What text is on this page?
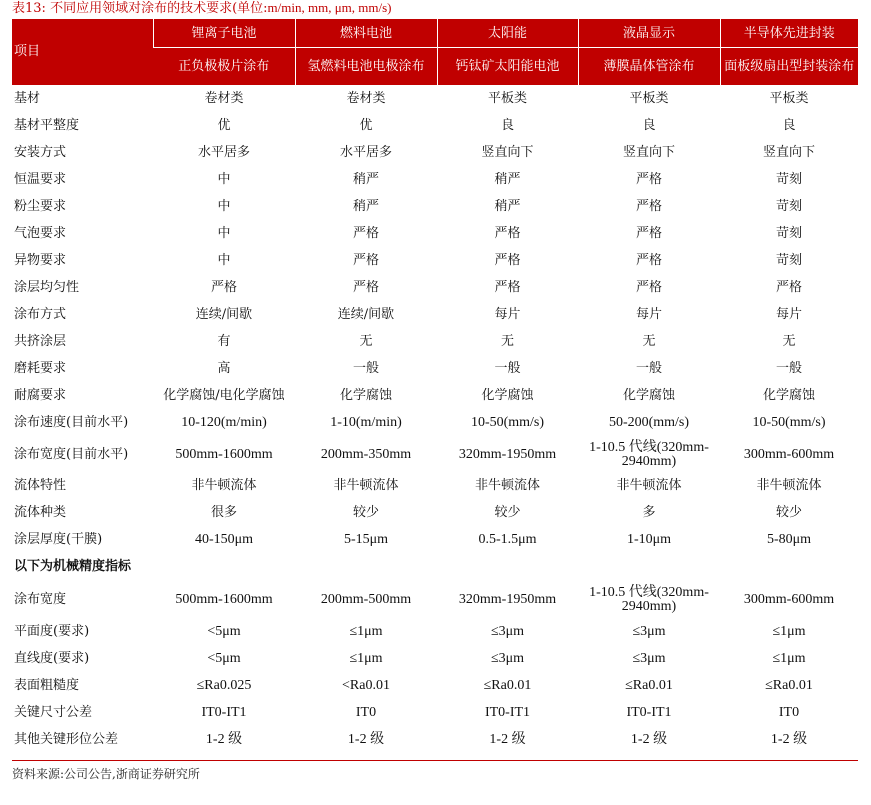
表13: 不同应用领域对涂布的技术要求(单位:m/min, mm, μm, mm/s)
项目	锂离子电池	燃料电池	太阳能	液晶显示	半导体先进封装
	正负极极片涂布	氢燃料电池电极涂布	钙钛矿太阳能电池	薄膜晶体管涂布	面板级扇出型封装涂布
基材	卷材类	卷材类	平板类	平板类	平板类
基材平整度	优	优	良	良	良
安装方式	水平居多	水平居多	竖直向下	竖直向下	竖直向下
恒温要求	中	稍严	稍严	严格	苛刻
粉尘要求	中	稍严	稍严	严格	苛刻
气泡要求	中	严格	严格	严格	苛刻
异物要求	中	严格	严格	严格	苛刻
涂层均匀性	严格	严格	严格	严格	严格
涂布方式	连续/间歇	连续/间歇	每片	每片	每片
共挤涂层	有	无	无	无	无
磨耗要求	高	一般	一般	一般	一般
耐腐要求	化学腐蚀/电化学腐蚀	化学腐蚀	化学腐蚀	化学腐蚀	化学腐蚀
涂布速度(目前水平)	10-120(m/min)	1-10(m/min)	10-50(mm/s)	50-200(mm/s)	10-50(mm/s)
涂布宽度(目前水平)	500mm-1600mm	200mm-350mm	320mm-1950mm	1-10.5 代线(320mm-2940mm)	300mm-600mm
流体特性	非牛顿流体	非牛顿流体	非牛顿流体	非牛顿流体	非牛顿流体
流体种类	很多	较少	较少	多	较少
涂层厚度(干膜)	40-150μm	5-15μm	0.5-1.5μm	1-10μm	5-80μm
以下为机械精度指标					
涂布宽度	500mm-1600mm	200mm-500mm	320mm-1950mm	1-10.5 代线(320mm-2940mm)	300mm-600mm
平面度(要求)	<5μm	≤1μm	≤3μm	≤3μm	≤1μm
直线度(要求)	<5μm	≤1μm	≤3μm	≤3μm	≤1μm
表面粗糙度	≤Ra0.025	<Ra0.01	≤Ra0.01	≤Ra0.01	≤Ra0.01
关键尺寸公差	IT0-IT1	IT0	IT0-IT1	IT0-IT1	IT0
其他关键形位公差	1-2 级	1-2 级	1-2 级	1-2 级	1-2 级
资料来源:公司公告,浙商证券研究所
